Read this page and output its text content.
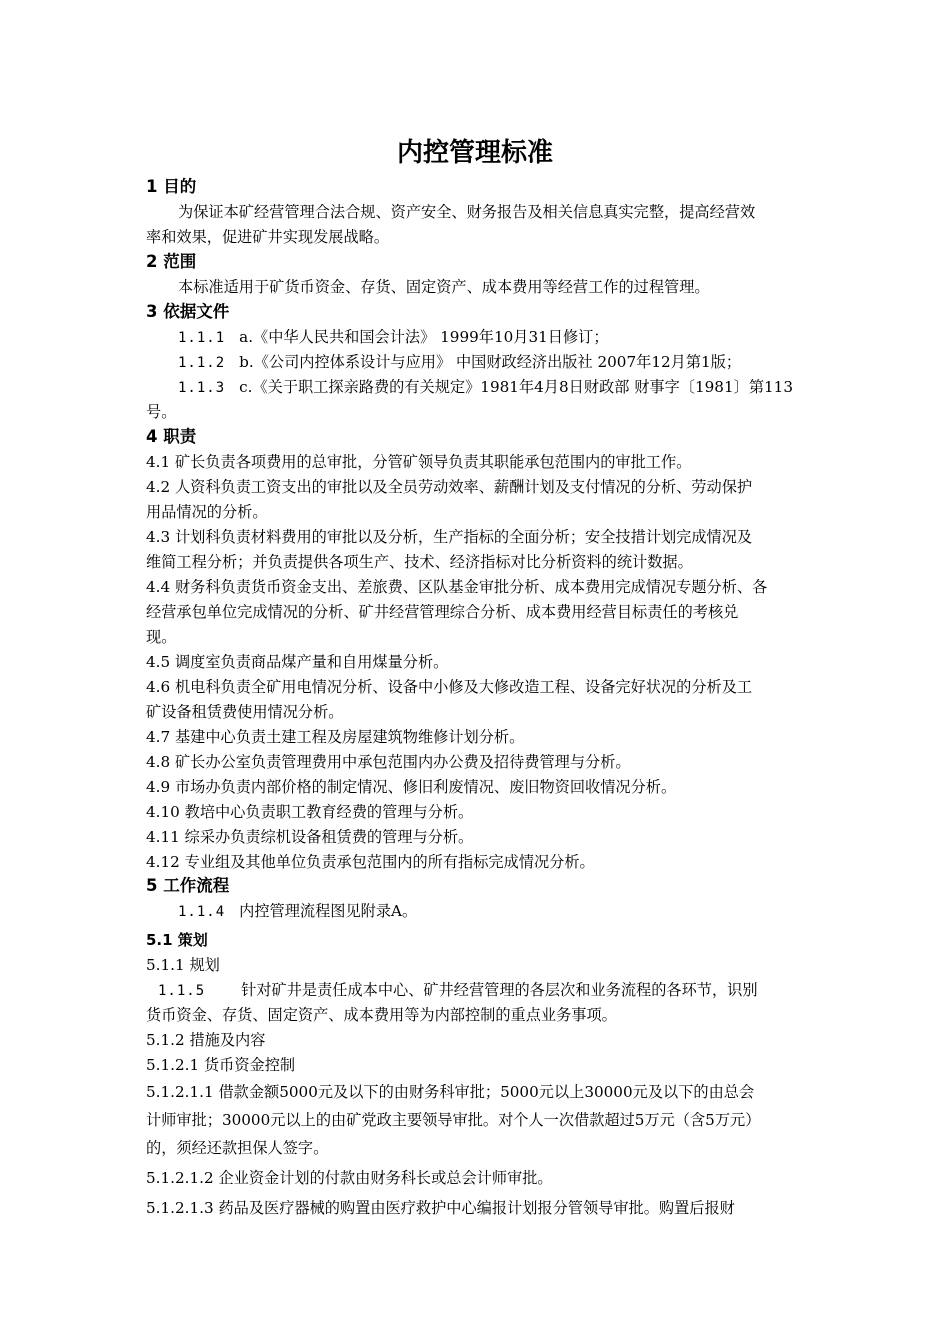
内控管理标准
1 目的
为保证本矿经营管理合法合规、资产安全、财务报告及相关信息真实完整，提高经营效
率和效果，促进矿井实现发展战略。
2 范围
本标准适用于矿货币资金、存货、固定资产、成本费用等经营工作的过程管理。
3 依据文件
1.1.1 a.《中华人民共和国会计法》 1999年10月31日修订；
1.1.2 b.《公司内控体系设计与应用》 中国财政经济出版社 2007年12月第1版；
1.1.3 c.《关于职工探亲路费的有关规定》1981年4月8日财政部 财事字〔1981〕第113
号。
4 职责
4.1 矿长负责各项费用的总审批，分管矿领导负责其职能承包范围内的审批工作。
4.2 人资科负责工资支出的审批以及全员劳动效率、薪酬计划及支付情况的分析、劳动保护
用品情况的分析。
4.3 计划科负责材料费用的审批以及分析，生产指标的全面分析；安全技措计划完成情况及
维简工程分析；并负责提供各项生产、技术、经济指标对比分析资料的统计数据。
4.4 财务科负责货币资金支出、差旅费、区队基金审批分析、成本费用完成情况专题分析、各
经营承包单位完成情况的分析、矿井经营管理综合分析、成本费用经营目标责任的考核兑
现。
4.5 调度室负责商品煤产量和自用煤量分析。
4.6 机电科负责全矿用电情况分析、设备中小修及大修改造工程、设备完好状况的分析及工
矿设备租赁费使用情况分析。
4.7 基建中心负责土建工程及房屋建筑物维修计划分析。
4.8 矿长办公室负责管理费用中承包范围内办公费及招待费管理与分析。
4.9 市场办负责内部价格的制定情况、修旧利废情况、废旧物资回收情况分析。
4.10 教培中心负责职工教育经费的管理与分析。
4.11 综采办负责综机设备租赁费的管理与分析。
4.12 专业组及其他单位负责承包范围内的所有指标完成情况分析。
5 工作流程
1.1.4 内控管理流程图见附录A。
5.1 策划
5.1.1 规划
1.1.5 针对矿井是责任成本中心、矿井经营管理的各层次和业务流程的各环节，识别
货币资金、存货、固定资产、成本费用等为内部控制的重点业务事项。
5.1.2 措施及内容
5.1.2.1 货币资金控制
5.1.2.1.1 借款金额5000元及以下的由财务科审批；5000元以上30000元及以下的由总会
计师审批；30000元以上的由矿党政主要领导审批。对个人一次借款超过5万元（含5万元）
的，须经还款担保人签字。
5.1.2.1.2 企业资金计划的付款由财务科长或总会计师审批。
5.1.2.1.3 药品及医疗器械的购置由医疗救护中心编报计划报分管领导审批。购置后报财
